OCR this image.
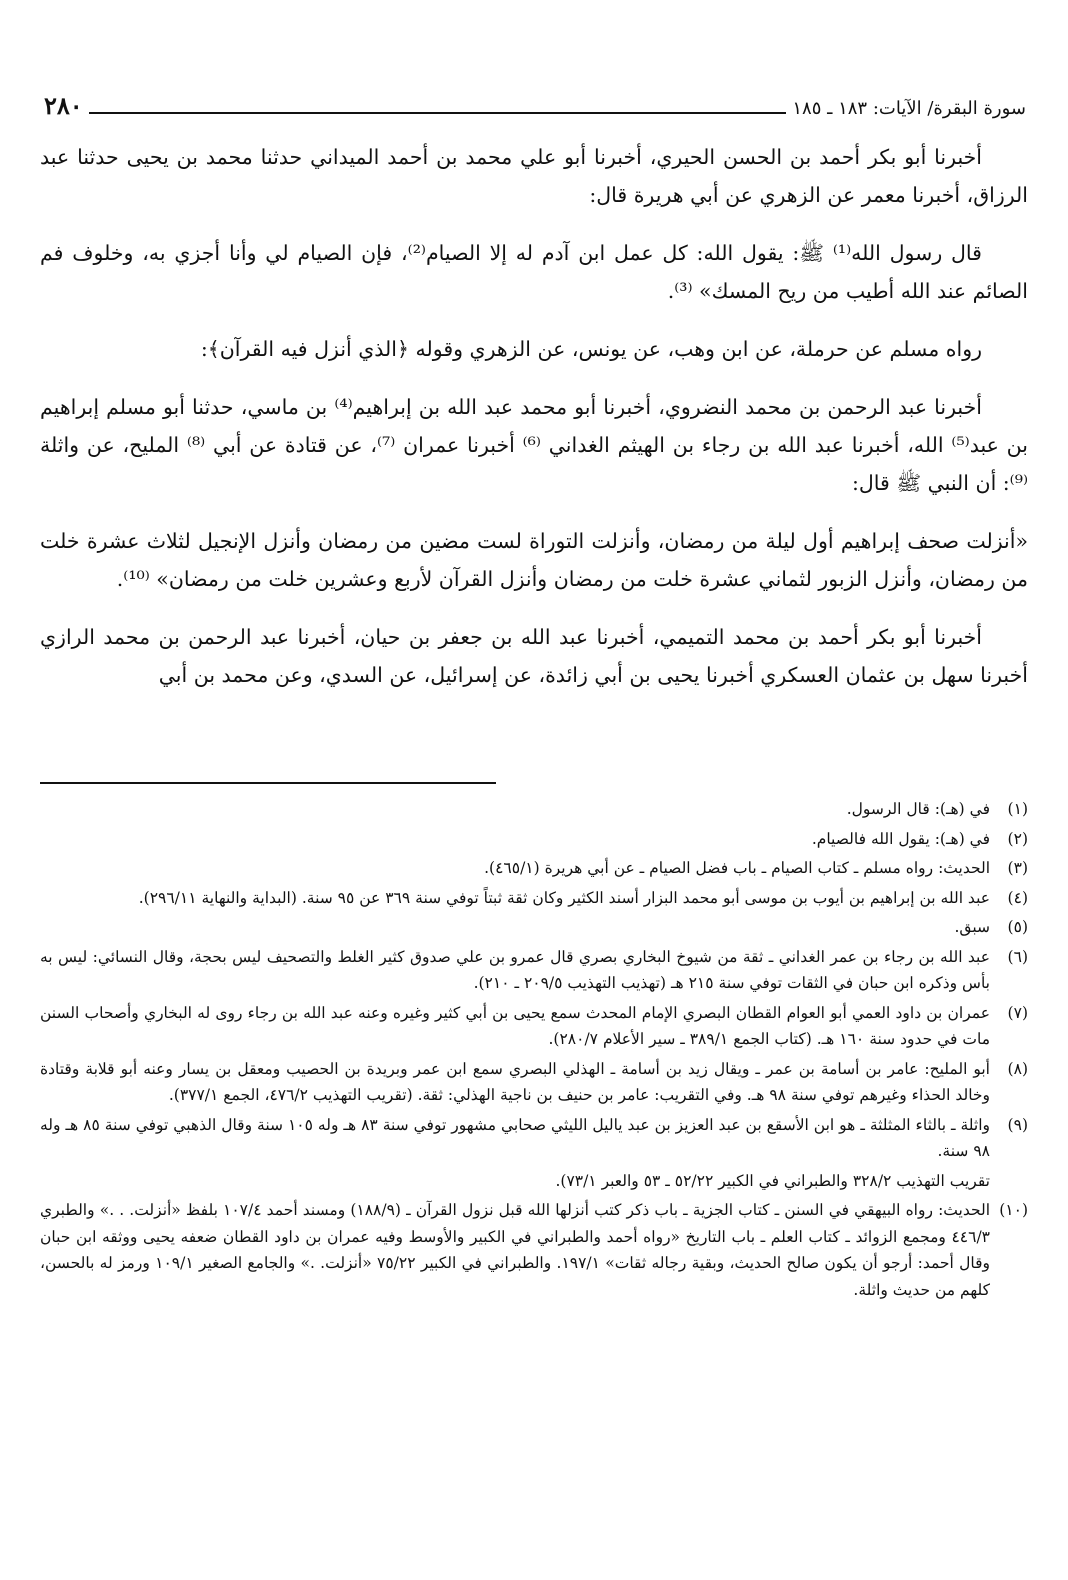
سورة البقرة/ الآيات: ١٨٣ ـ ١٨٥
٢٨٠

أخبرنا أبو بكر أحمد بن الحسن الحيري، أخبرنا أبو علي محمد بن أحمد الميداني حدثنا محمد بن يحيى حدثنا عبد الرزاق، أخبرنا معمر عن الزهري عن أبي هريرة قال:

قال رسول الله⁽¹⁾ ﷺ: يقول الله: كل عمل ابن آدم له إلا الصيام⁽²⁾، فإن الصيام لي وأنا أجزي به، وخلوف فم الصائم عند الله أطيب من ريح المسك» ⁽³⁾.

رواه مسلم عن حرملة، عن ابن وهب، عن يونس، عن الزهري وقوله ﴿الذي أنزل فيه القرآن﴾:

أخبرنا عبد الرحمن بن محمد النضروي، أخبرنا أبو محمد عبد الله بن إبراهيم⁽⁴⁾ بن ماسي، حدثنا أبو مسلم إبراهيم بن عبد⁽⁵⁾ الله، أخبرنا عبد الله بن رجاء بن الهيثم الغداني ⁽⁶⁾ أخبرنا عمران ⁽⁷⁾، عن قتادة عن أبي ⁽⁸⁾ المليح، عن واثلة ⁽⁹⁾: أن النبي ﷺ قال:

«أنزلت صحف إبراهيم أول ليلة من رمضان، وأنزلت التوراة لست مضين من رمضان وأنزل الإنجيل لثلاث عشرة خلت من رمضان، وأنزل الزبور لثماني عشرة خلت من رمضان وأنزل القرآن لأربع وعشرين خلت من رمضان» ⁽¹⁰⁾.

أخبرنا أبو بكر أحمد بن محمد التميمي، أخبرنا عبد الله بن جعفر بن حيان، أخبرنا عبد الرحمن بن محمد الرازي أخبرنا سهل بن عثمان العسكري أخبرنا يحيى بن أبي زائدة، عن إسرائيل، عن السدي، وعن محمد بن أبي

(١)
في (هـ): قال الرسول.
(٢)
في (هـ): يقول الله فالصيام.
(٣)
الحديث: رواه مسلم ـ كتاب الصيام ـ باب فضل الصيام ـ عن أبي هريرة (٤٦٥/١).
(٤)
عبد الله بن إبراهيم بن أيوب بن موسى أبو محمد البزار أسند الكثير وكان ثقة ثبتاً توفي سنة ٣٦٩ عن ٩٥ سنة. (البداية والنهاية ٢٩٦/١١).
(٥)
سبق.
(٦)
عبد الله بن رجاء بن عمر الغداني ـ ثقة من شيوخ البخاري بصري قال عمرو بن علي صدوق كثير الغلط والتصحيف ليس بحجة، وقال النسائي: ليس به بأس وذكره ابن حبان في الثقات توفي سنة ٢١٥ هـ (تهذيب التهذيب ٢٠٩/٥ ـ ٢١٠).
(٧)
عمران بن داود العمي أبو العوام القطان البصري الإمام المحدث سمع يحيى بن أبي كثير وغيره وعنه عبد الله بن رجاء روى له البخاري وأصحاب السنن مات في حدود سنة ١٦٠ هـ. (كتاب الجمع ٣٨٩/١ ـ سير الأعلام ٢٨٠/٧).
(٨)
أبو المليح: عامر بن أسامة بن عمر ـ ويقال زيد بن أسامة ـ الهذلي البصري سمع ابن عمر وبريدة بن الحصيب ومعقل بن يسار وعنه أبو قلابة وقتادة وخالد الحذاء وغيرهم توفي سنة ٩٨ هـ. وفي التقريب: عامر بن حنيف بن ناجية الهذلي: ثقة. (تقريب التهذيب ٤٧٦/٢، الجمع ٣٧٧/١).
(٩)
واثلة ـ بالثاء المثلثة ـ هو ابن الأسقع بن عبد العزيز بن عبد ياليل الليثي صحابي مشهور توفي سنة ٨٣ هـ وله ١٠٥ سنة وقال الذهبي توفي سنة ٨٥ هـ وله ٩٨ سنة.
تقريب التهذيب ٣٢٨/٢ والطبراني في الكبير ٥٢/٢٢ ـ ٥٣ والعبر ٧٣/١).
(١٠)
الحديث: رواه البيهقي في السنن ـ كتاب الجزية ـ باب ذكر كتب أنزلها الله قبل نزول القرآن ـ (١٨٨/٩) ومسند أحمد ١٠٧/٤ بلفظ «أنزلت. . .» والطبري ٤٤٦/٣ ومجمع الزوائد ـ كتاب العلم ـ باب التاريخ «رواه أحمد والطبراني في الكبير والأوسط وفيه عمران بن داود القطان ضعفه يحيى ووثقه ابن حبان وقال أحمد: أرجو أن يكون صالح الحديث، وبقية رجاله ثقات» ١٩٧/١. والطبراني في الكبير ٧٥/٢٢ «أنزلت. .» والجامع الصغير ١٠٩/١ ورمز له بالحسن، كلهم من حديث واثلة.
